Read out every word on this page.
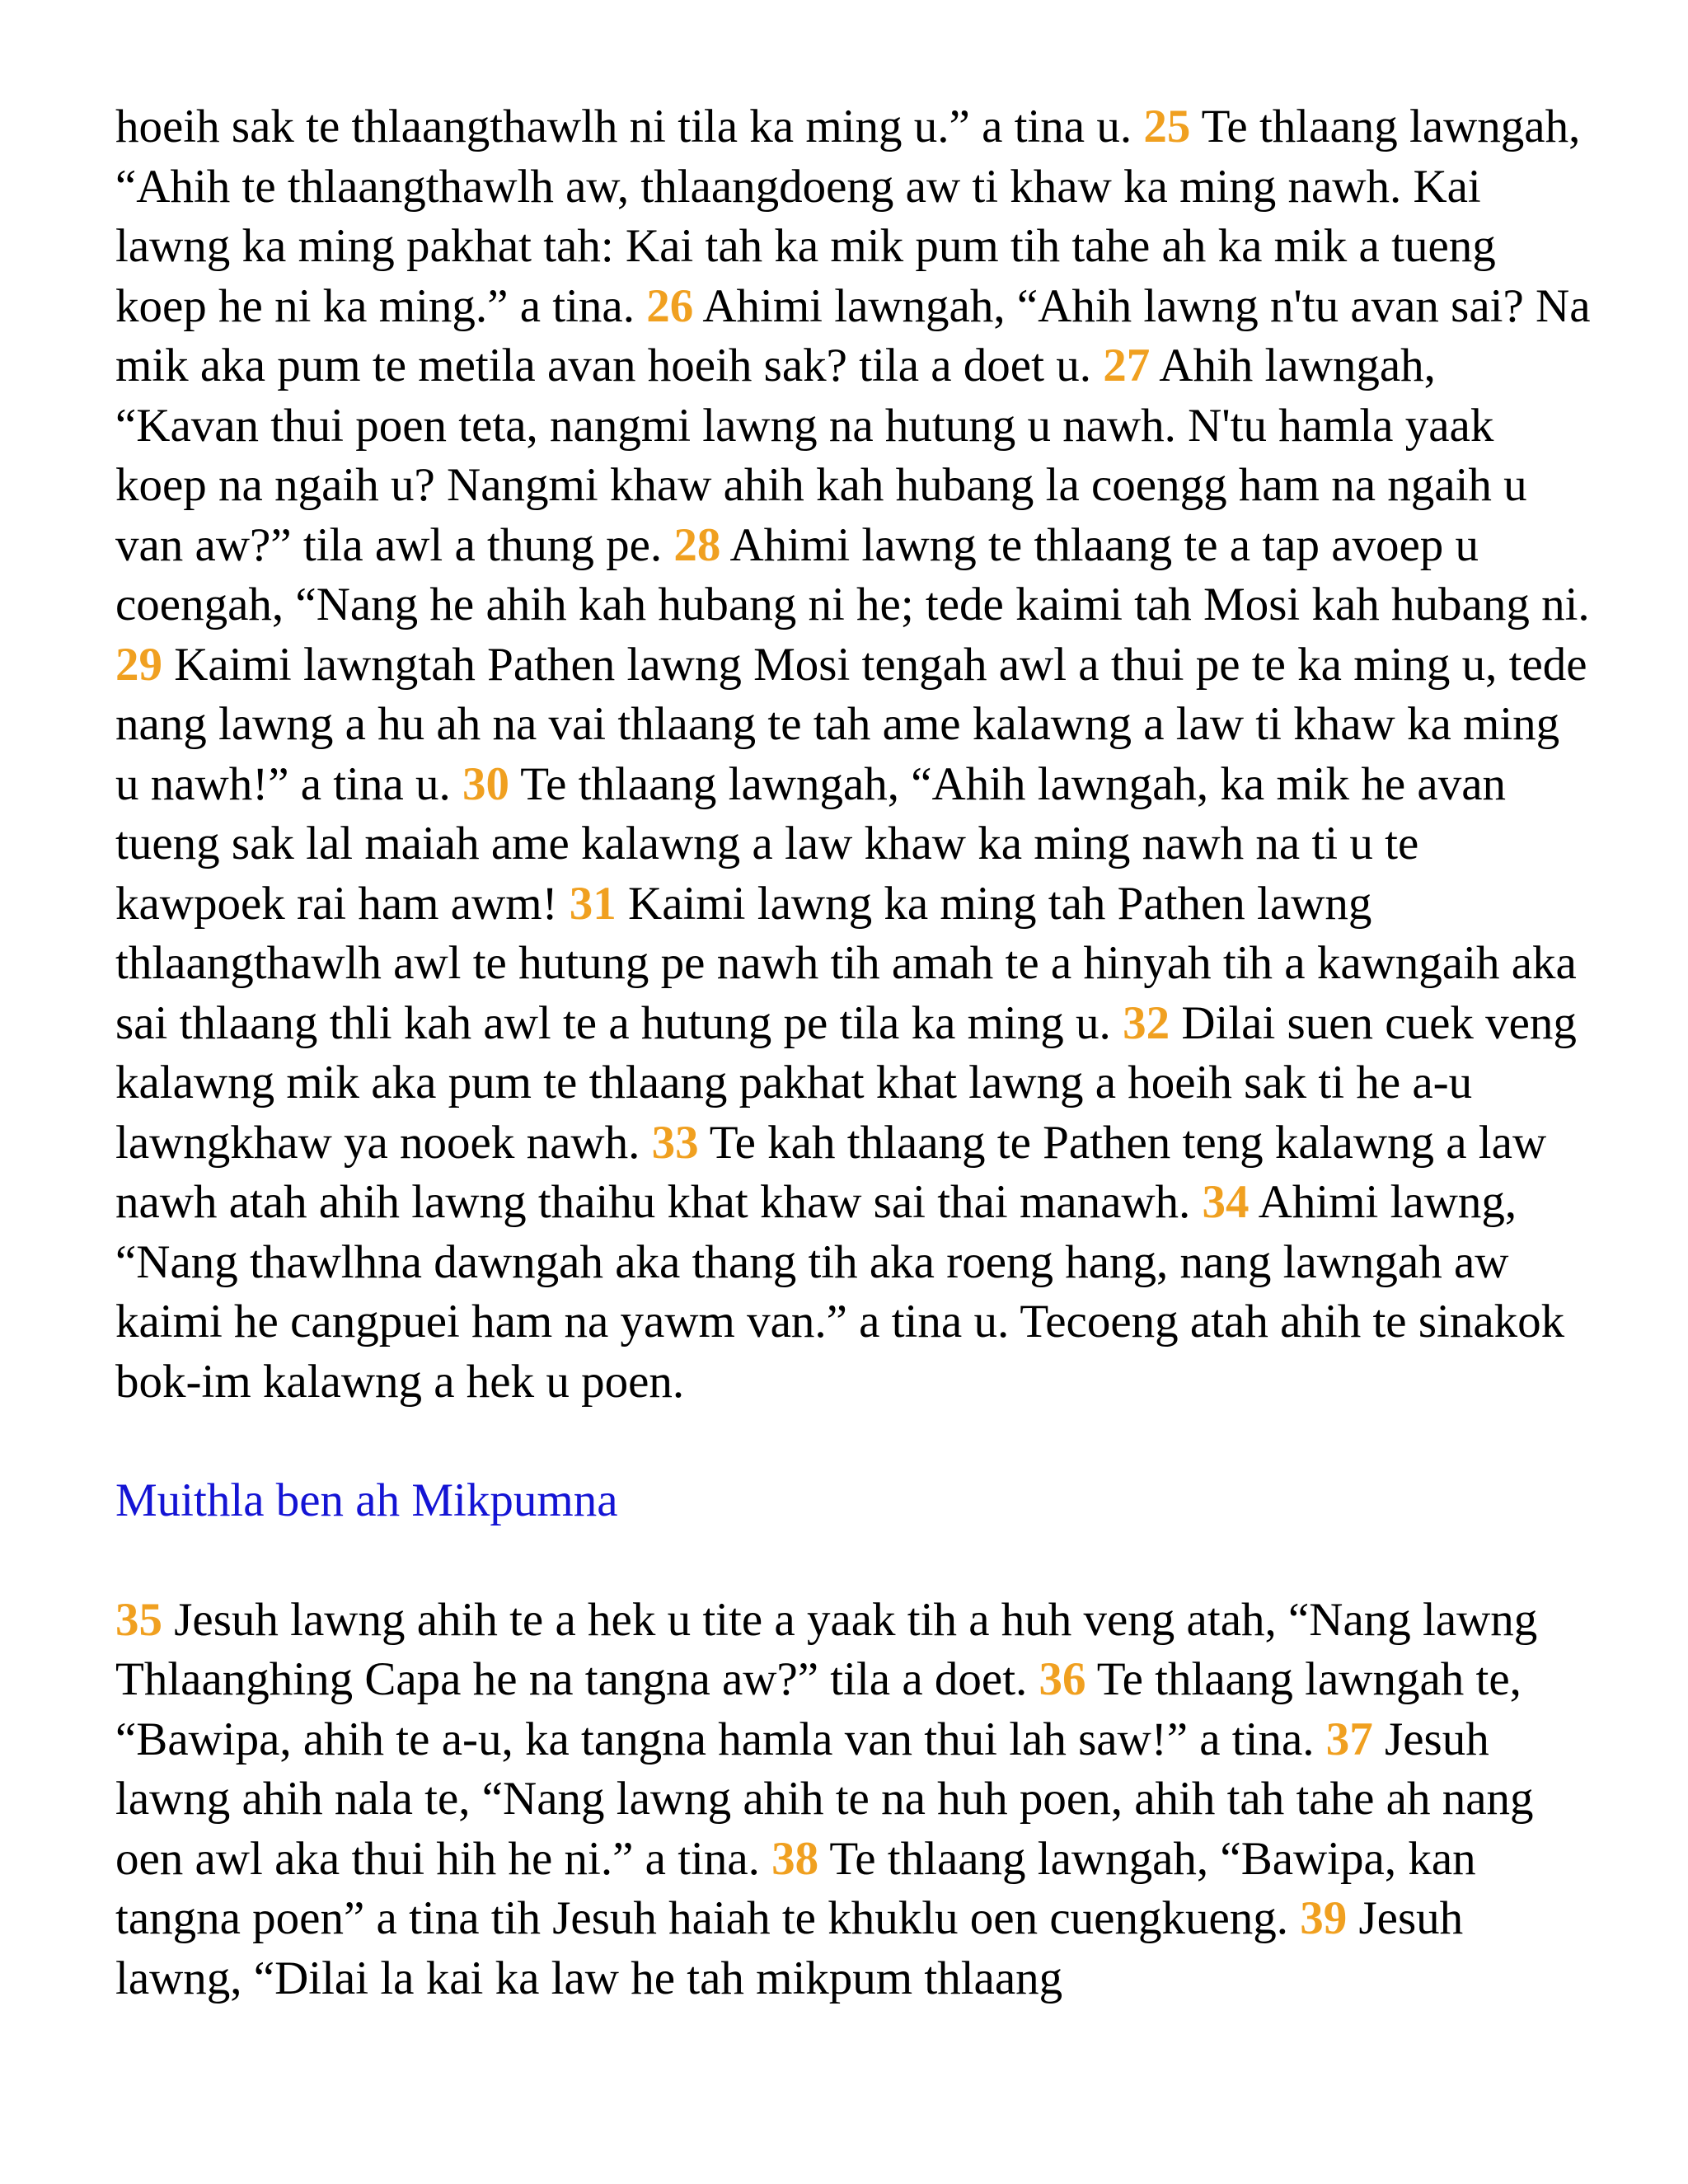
hoeih sak te thlaangthawlh ni tila ka ming u.” a tina u. 25 Te thlaang lawngah, “Ahih te thlaangthawlh aw, thlaangdoeng aw ti khaw ka ming nawh. Kai lawng ka ming pakhat tah: Kai tah ka mik pum tih tahe ah ka mik a tueng koep he ni ka ming.” a tina. 26 Ahimi lawngah, “Ahih lawng n'tu avan sai? Na mik aka pum te metila avan hoeih sak? tila a doet u. 27 Ahih lawngah, “Kavan thui poen teta, nangmi lawng na hutung u nawh. N'tu hamla yaak koep na ngaih u? Nangmi khaw ahih kah hubang la coengg ham na ngaih u van aw?” tila awl a thung pe. 28 Ahimi lawng te thlaang te a tap avoep u coengah, “Nang he ahih kah hubang ni he; tede kaimi tah Mosi kah hubang ni. 29 Kaimi lawngtah Pathen lawng Mosi tengah awl a thui pe te ka ming u, tede nang lawng a hu ah na vai thlaang te tah ame kalawng a law ti khaw ka ming u nawh!” a tina u. 30 Te thlaang lawngah, “Ahih lawngah, ka mik he avan tueng sak lal maiah ame kalawng a law khaw ka ming nawh na ti u te kawpoek rai ham awm! 31 Kaimi lawng ka ming tah Pathen lawng thlaangthawlh awl te hutung pe nawh tih amah te a hinyah tih a kawngaih aka sai thlaang thli kah awl te a hutung pe tila ka ming u. 32 Dilai suen cuek veng kalawng mik aka pum te thlaang pakhat khat lawng a hoeih sak ti he a-u lawngkhaw ya nooek nawh. 33 Te kah thlaang te Pathen teng kalawng a law nawh atah ahih lawng thaihu khat khaw sai thai manawh. 34 Ahimi lawng, “Nang thawlhna dawngah aka thang tih aka roeng hang, nang lawngah aw kaimi he cangpuei ham na yawm van.” a tina u. Tecoeng atah ahih te sinakok bok-im kalawng a hek u poen.

Muithla ben ah Mikpumna

35 Jesuh lawng ahih te a hek u tite a yaak tih a huh veng atah, “Nang lawng Thlaanghing Capa he na tangna aw?” tila a doet. 36 Te thlaang lawngah te, “Bawipa, ahih te a-u, ka tangna hamla van thui lah saw!” a tina. 37 Jesuh lawng ahih nala te, “Nang lawng ahih te na huh poen, ahih tah tahe ah nang oen awl aka thui hih he ni.” a tina. 38 Te thlaang lawngah, “Bawipa, kan tangna poen” a tina tih Jesuh haiah te khuklu oen cuengkueng. 39 Jesuh lawng, “Dilai la kai ka law he tah mikpum thlaang
